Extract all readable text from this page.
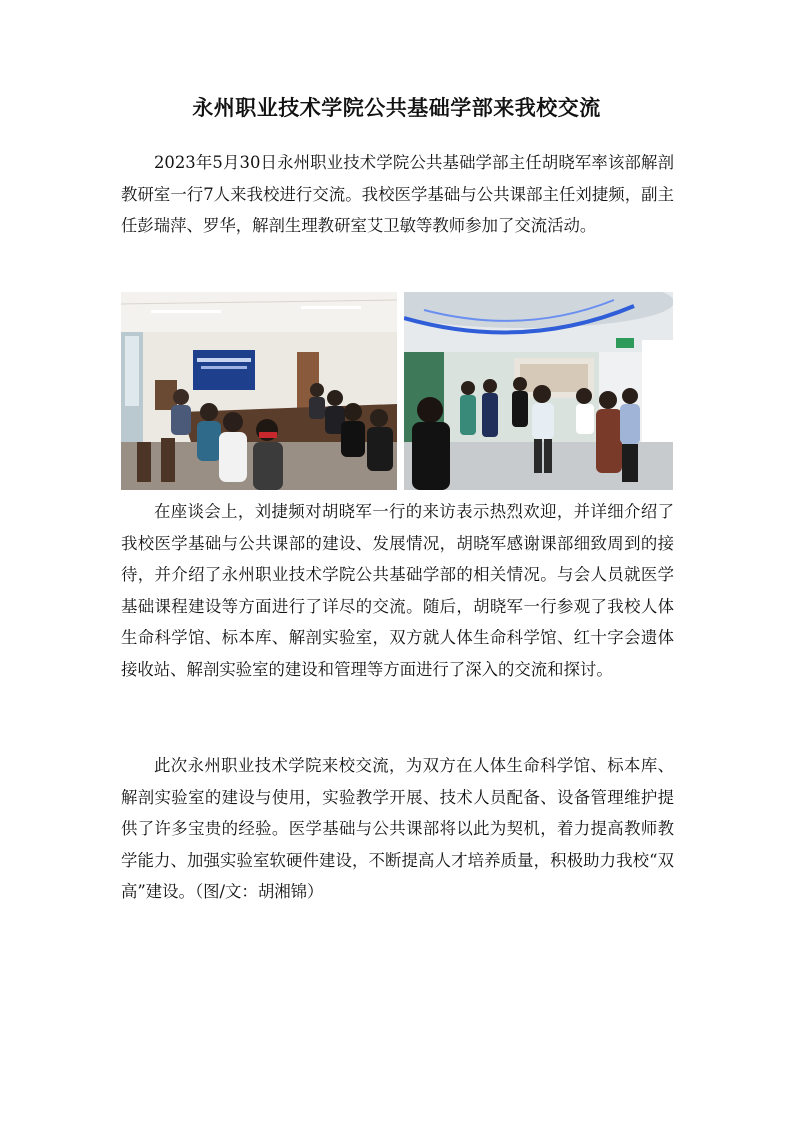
永州职业技术学院公共基础学部来我校交流

2023年5月30日永州职业技术学院公共基础学部主任胡晓军率该部解剖教研室一行7人来我校进行交流。我校医学基础与公共课部主任刘捷频，副主任彭瑞萍、罗华，解剖生理教研室艾卫敏等教师参加了交流活动。

在座谈会上，刘捷频对胡晓军一行的来访表示热烈欢迎，并详细介绍了我校医学基础与公共课部的建设、发展情况，胡晓军感谢课部细致周到的接待，并介绍了永州职业技术学院公共基础学部的相关情况。与会人员就医学基础课程建设等方面进行了详尽的交流。随后，胡晓军一行参观了我校人体生命科学馆、标本库、解剖实验室，双方就人体生命科学馆、红十字会遗体接收站、解剖实验室的建设和管理等方面进行了深入的交流和探讨。

此次永州职业技术学院来校交流，为双方在人体生命科学馆、标本库、解剖实验室的建设与使用，实验教学开展、技术人员配备、设备管理维护提供了许多宝贵的经验。医学基础与公共课部将以此为契机，着力提高教师教学能力、加强实验室软硬件建设，不断提高人才培养质量，积极助力我校“双高”建设。（图/文：胡湘锦）
